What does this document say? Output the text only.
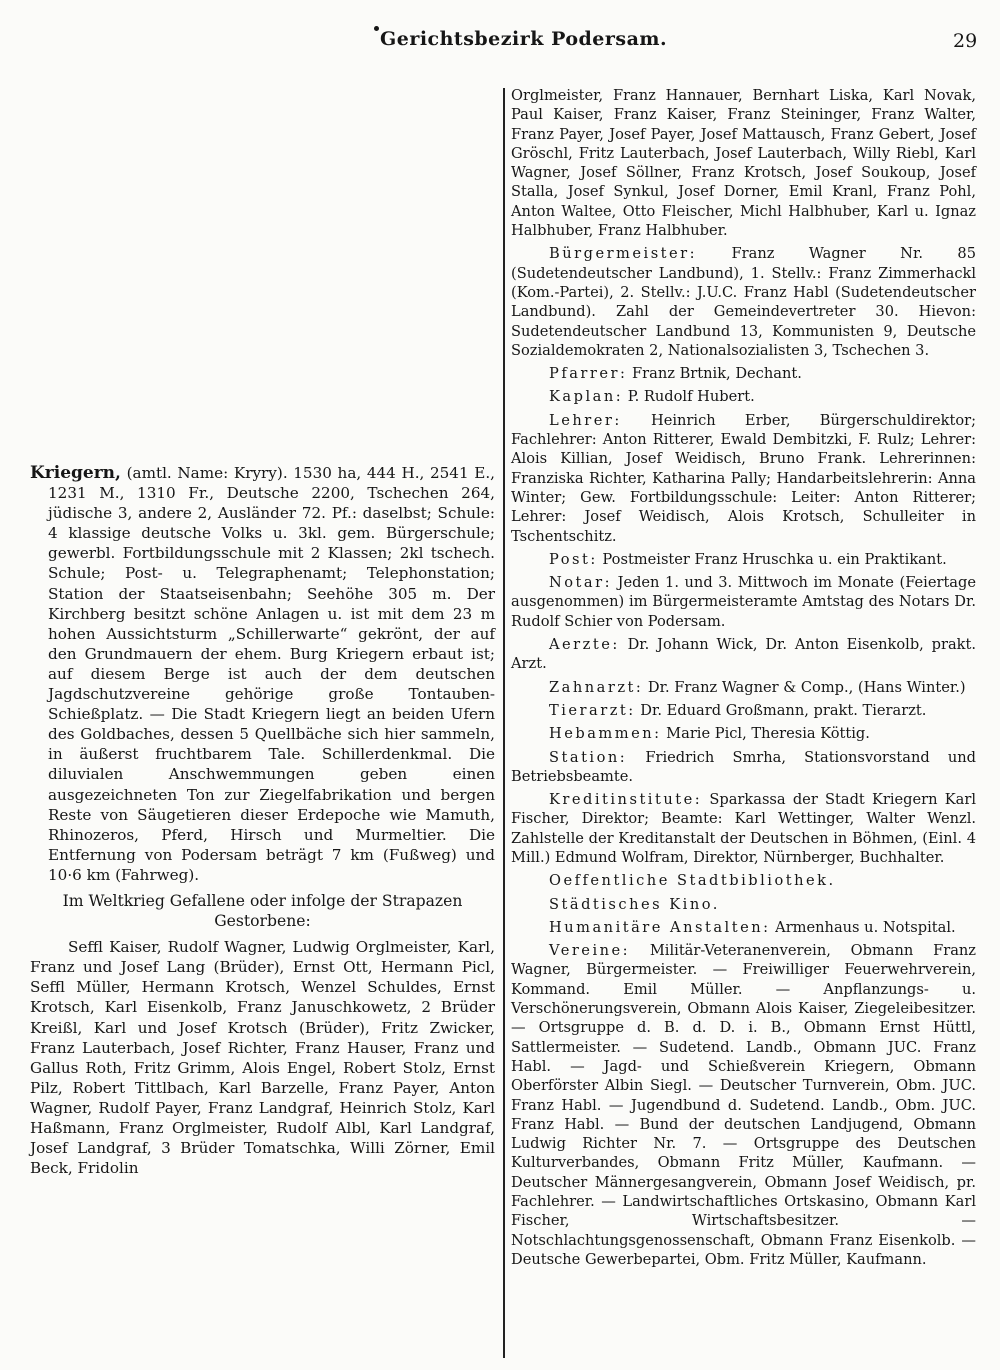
Gerichtsbezirk Podersam.	29

Kriegern, (amtl. Name: Kryry). 1530 ha, 444 H., 2541 E., 1231 M., 1310 Fr., Deutsche 2200, Tschechen 264, jüdische 3, andere 2, Ausländer 72. Pf.: daselbst; Schule: 4 klassige deutsche Volks u. 3kl. gem. Bürgerschule; gewerbl. Fortbildungsschule mit 2 Klassen; 2kl tschech. Schule; Post- u. Telegraphenamt; Telephonstation; Station der Staatseisenbahn; Seehöhe 305 m. Der Kirchberg besitzt schöne Anlagen u. ist mit dem 23 m hohen Aussichtsturm „Schillerwarte“ gekrönt, der auf den Grundmauern der ehem. Burg Kriegern erbaut ist; auf diesem Berge ist auch der dem deutschen Jagdschutzvereine gehörige große Tontauben-Schießplatz. — Die Stadt Kriegern liegt an beiden Ufern des Goldbaches, dessen 5 Quellbäche sich hier sammeln, in äußerst fruchtbarem Tale. Schillerdenkmal. Die diluvialen Anschwemmungen geben einen ausgezeichneten Ton zur Ziegelfabrikation und bergen Reste von Säugetieren dieser Erdepoche wie Mamuth, Rhinozeros, Pferd, Hirsch und Murmeltier. Die Entfernung von Podersam beträgt 7 km (Fußweg) und 10·6 km (Fahrweg).

Im Weltkrieg Gefallene oder infolge der Strapazen Gestorbene:

Seffl Kaiser, Rudolf Wagner, Ludwig Orglmeister, Karl, Franz und Josef Lang (Brüder), Ernst Ott, Hermann Picl, Seffl Müller, Hermann Krotsch, Wenzel Schuldes, Ernst Krotsch, Karl Eisenkolb, Franz Januschkowetz, 2 Brüder Kreißl, Karl und Josef Krotsch (Brüder), Fritz Zwicker, Franz Lauterbach, Josef Richter, Franz Hauser, Franz und Gallus Roth, Fritz Grimm, Alois Engel, Robert Stolz, Ernst Pilz, Robert Tittlbach, Karl Barzelle, Franz Payer, Anton Wagner, Rudolf Payer, Franz Landgraf, Heinrich Stolz, Karl Haßmann, Franz Orglmeister, Rudolf Albl, Karl Landgraf, Josef Landgraf, 3 Brüder Tomatschka, Willi Zörner, Emil Beck, Fridolin

Orglmeister, Franz Hannauer, Bernhart Liska, Karl Novak, Paul Kaiser, Franz Kaiser, Franz Steininger, Franz Walter, Franz Payer, Josef Payer, Josef Mattausch, Franz Gebert, Josef Gröschl, Fritz Lauterbach, Josef Lauterbach, Willy Riebl, Karl Wagner, Josef Söllner, Franz Krotsch, Josef Soukoup, Josef Stalla, Josef Synkul, Josef Dorner, Emil Kranl, Franz Pohl, Anton Waltee, Otto Fleischer, Michl Halbhuber, Karl u. Ignaz Halbhuber, Franz Halbhuber.

Bürgermeister: Franz Wagner Nr. 85 (Sudetendeutscher Landbund), 1. Stellv.: Franz Zimmerhackl (Kom.-Partei), 2. Stellv.: J.U.C. Franz Habl (Sudetendeutscher Landbund). Zahl der Gemeindevertreter 30. Hievon: Sudetendeutscher Landbund 13, Kommunisten 9, Deutsche Sozialdemokraten 2, Nationalsozialisten 3, Tschechen 3.

Pfarrer: Franz Brtnik, Dechant.

Kaplan: P. Rudolf Hubert.

Lehrer: Heinrich Erber, Bürgerschuldirektor; Fachlehrer: Anton Ritterer, Ewald Dembitzki, F. Rulz; Lehrer: Alois Killian, Josef Weidisch, Bruno Frank. Lehrerinnen: Franziska Richter, Katharina Pally; Handarbeitslehrerin: Anna Winter; Gew. Fortbildungsschule: Leiter: Anton Ritterer; Lehrer: Josef Weidisch, Alois Krotsch, Schulleiter in Tschentschitz.

Post: Postmeister Franz Hruschka u. ein Praktikant.

Notar: Jeden 1. und 3. Mittwoch im Monate (Feiertage ausgenommen) im Bürgermeisteramte Amtstag des Notars Dr. Rudolf Schier von Podersam.

Aerzte: Dr. Johann Wick, Dr. Anton Eisenkolb, prakt. Arzt.

Zahnarzt: Dr. Franz Wagner & Comp., (Hans Winter.)

Tierarzt: Dr. Eduard Großmann, prakt. Tierarzt.

Hebammen: Marie Picl, Theresia Köttig.

Station: Friedrich Smrha, Stationsvorstand und Betriebsbeamte.

Kreditinstitute: Sparkassa der Stadt Kriegern Karl Fischer, Direktor; Beamte: Karl Wettinger, Walter Wenzl. Zahlstelle der Kreditanstalt der Deutschen in Böhmen, (Einl. 4 Mill.) Edmund Wolfram, Direktor, Nürnberger, Buchhalter.

Oeffentliche Stadtbibliothek.

Städtisches Kino.

Humanitäre Anstalten: Armenhaus u. Notspital.

Vereine: Militär-Veteranenverein, Obmann Franz Wagner, Bürgermeister. — Freiwilliger Feuerwehrverein, Kommand. Emil Müller. — Anpflanzungs- u. Verschönerungsverein, Obmann Alois Kaiser, Ziegeleibesitzer. — Ortsgruppe d. B. d. D. i. B., Obmann Ernst Hüttl, Sattlermeister. — Sudetend. Landb., Obmann JUC. Franz Habl. — Jagd- und Schießverein Kriegern, Obmann Oberförster Albin Siegl. — Deutscher Turnverein, Obm. JUC. Franz Habl. — Jugendbund d. Sudetend. Landb., Obm. JUC. Franz Habl. — Bund der deutschen Landjugend, Obmann Ludwig Richter Nr. 7. — Ortsgruppe des Deutschen Kulturverbandes, Obmann Fritz Müller, Kaufmann. — Deutscher Männergesangverein, Obmann Josef Weidisch, pr. Fachlehrer. — Landwirtschaftliches Ortskasino, Obmann Karl Fischer, Wirtschaftsbesitzer. — Notschlachtungsgenossenschaft, Obmann Franz Eisenkolb. — Deutsche Gewerbepartei, Obm. Fritz Müller, Kaufmann.
